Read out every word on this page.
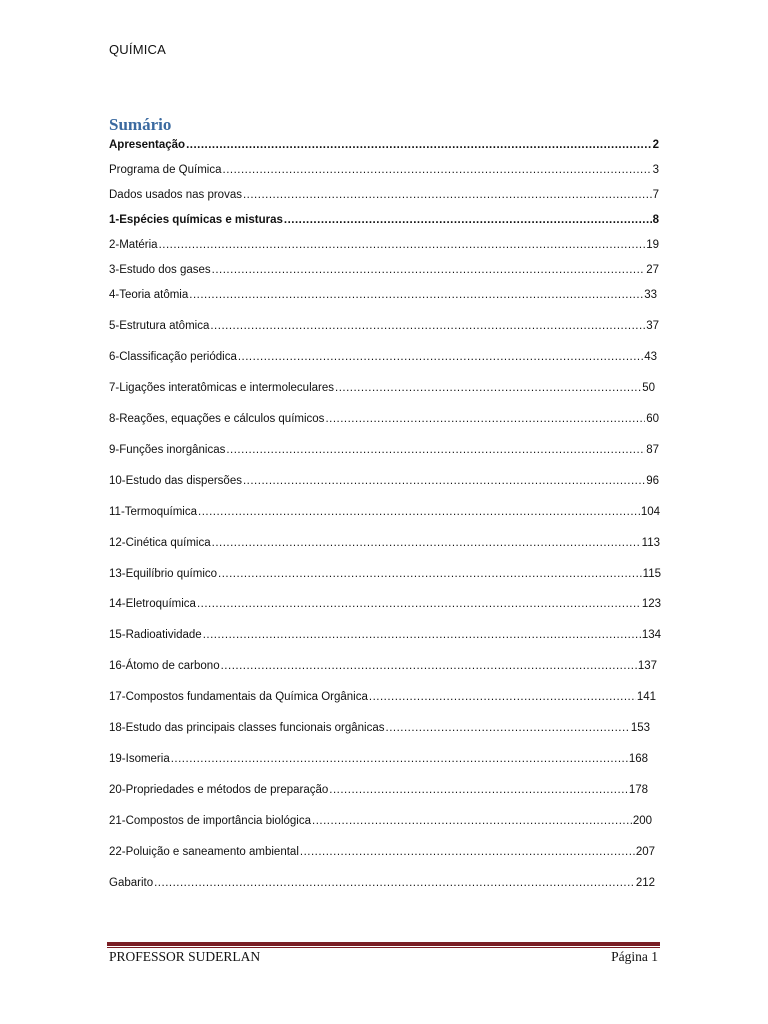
QUÍMICA
Sumário
Apresentação .....	2
Programa de Química .....	3
Dados usados nas provas .....	7
1-Espécies químicas e misturas .....	8
2-Matéria .....	19
3-Estudo dos gases .....	27
4-Teoria atômia .....	33
5-Estrutura atômica .....	37
6-Classificação periódica .....	43
7-Ligações interatômicas e intermoleculares .....	50
8-Reações, equações e cálculos químicos .....	60
9-Funções inorgânicas .....	87
10-Estudo das dispersões .....	96
11-Termoquímica .....	104
12-Cinética química .....	113
13-Equilíbrio químico .....	115
14-Eletroquímica .....	123
15-Radioatividade .....	134
16-Átomo de carbono .....	137
17-Compostos fundamentais da Química Orgânica .....	141
18-Estudo das principais classes funcionais orgânicas .....	153
19-Isomeria .....	168
20-Propriedades e métodos de preparação .....	178
21-Compostos de importância biológica .....	200
22-Poluição e saneamento ambiental .....	207
Gabarito .....	212
PROFESSOR SUDERLAN	Página 1
